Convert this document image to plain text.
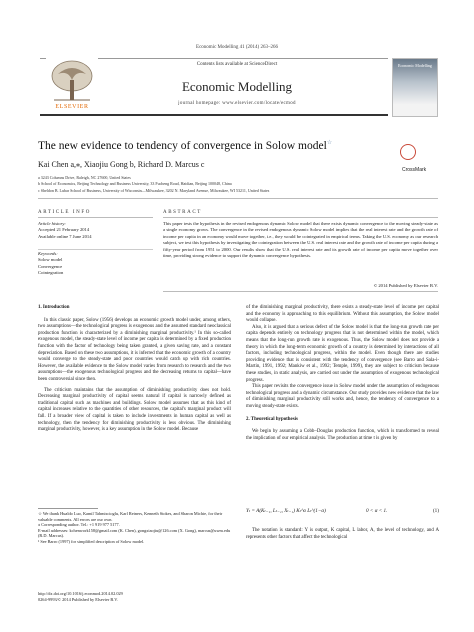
Economic Modelling 41 (2014) 263–266
Contents lists available at ScienceDirect
Economic Modelling
journal homepage: www.elsevier.com/locate/ecmod
ELSEVIER
Economic Modelling
The new evidence to tendency of convergence in Solow model☆
CrossMark
Kai Chen a,⁎, Xiaojiu Gong b, Richard D. Marcus c
a 3243 Columns Drive, Raleigh, NC 27600, United States
b School of Economics, Beijing Technology and Business University, 33 Fucheng Road, Haidian, Beijing 100048, China
c Sheldon B. Lubar School of Business, University of Wisconsin—Milwaukee, 3202 N. Maryland Avenue, Milwaukee, WI 53211, United States
ARTICLE INFO	ABSTRACT
Article history:
Accepted 21 February 2014
Available online 7 June 2014
Keywords:
Solow model
Convergence
Cointegration
This paper tests the hypothesis in the revised endogenous dynamic Solow model that there exists dynamic convergence to the moving steady-state as a single economy grows. The convergence in the revised endogenous dynamic Solow model implies that the real interest rate and the growth rate of income per capita in an economy would move together, i.e., they would be cointegrated in empirical terms. Taking the U.S. economy as our research subject, we test this hypothesis by investigating the cointegration between the U.S. real interest rate and the growth rate of income per capita during a fifty-year period from 1951 to 2000. Our results show that the U.S. real interest rate and its growth rate of income per capita move together over time, providing strong evidence to support the dynamic convergence hypothesis.
© 2014 Published by Elsevier B.V.

1. Introduction

In this classic paper, Solow (1956) develops an economic growth model under, among others, two assumptions—the technological progress is exogenous and the assumed standard neoclassical production function is characterized by a diminishing marginal productivity.¹ In this so-called exogenous model, the steady-state level of income per capita is determined by a fixed production function with the factor of technology being taken granted, a given saving rate, and a constant depreciation. Based on these two assumptions, it is inferred that the economic growth of a country would converge to the steady-state and poor countries would catch up with rich countries. However, the available evidence to the Solow model varies from research to research and the two assumptions—the exogenous technological progress and the decreasing returns to capital—have been controversial since then.

The criticism maintains that the assumption of diminishing productivity does not hold. Decreasing marginal productivity of capital seems natural if capital is narrowly defined as traditional capital such as machines and buildings. Solow model assumes that as this kind of capital increases relative to the quantities of other resources, the capital's marginal product will fall. If a broader view of capital is taken to include investments in human capital as well as technology, then the tendency for diminishing productivity is less obvious. The diminishing marginal productivity, however, is a key assumption in the Solow model. Because

of the diminishing marginal productivity, there exists a steady-state level of income per capital and the economy is approaching to this equilibrium. Without this assumption, the Solow model would collapse.

Also, it is argued that a serious defect of the Solow model is that the long-run growth rate per capita depends entirely on technology progress that is not determined within the model, which means that the long-run growth rate is exogenous. Thus, the Solow model does not provide a theory in which the long-term economic growth of a country is determined by interactions of all factors, including technological progress, within the model. Even though there are studies providing evidence that is consistent with the tendency of convergence (see Barro and Sala-i-Martin, 1991, 1992; Mankiw et al., 1992; Temple, 1999), they are subject to criticism because these studies, in static analysis, are carried out under the assumption of exogenous technological progress.

This paper revisits the convergence issue in Solow model under the assumption of endogenous technological progress and a dynamic circumstance. Our study provides new evidence that the law of diminishing marginal productivity still works and, hence, the tendency of convergence to a moving steady-state exists.

2. Theoretical hypothesis

We begin by assuming a Cobb–Douglas production function, which is transformed to reveal the implication of our empirical analysis. The production at time t is given by

Yₜ = A(Kₜ₋₁, Lₜ₋₁, Xₜ₋₁) Kₜ^α Lₜ^(1−α)	0 < α < 1.	(1)
The notation is standard: Y is output, K capital, L labor, A, the level of technology, and A represents other factors that affect the technological
☆ We thank Hualdo Luo, Kamil Tahmiscioglu, Karl Reiners, Kenneth Stokes, and Sharon Michie, for their valuable comments. All errors are our own.
⁎ Corresponding author. Tel.: +1 919 977 5177.
E-mail addresses: kchenwork158@gmail.com (K. Chen), gongxiaojiu@126.com (X. Gong), marcus@uwm.edu (R.D. Marcus).
¹ See Barro (1997) for simplified description of Solow model.
http://dx.doi.org/10.1016/j.econmod.2014.02.029
0264-9993/© 2014 Published by Elsevier B.V.
